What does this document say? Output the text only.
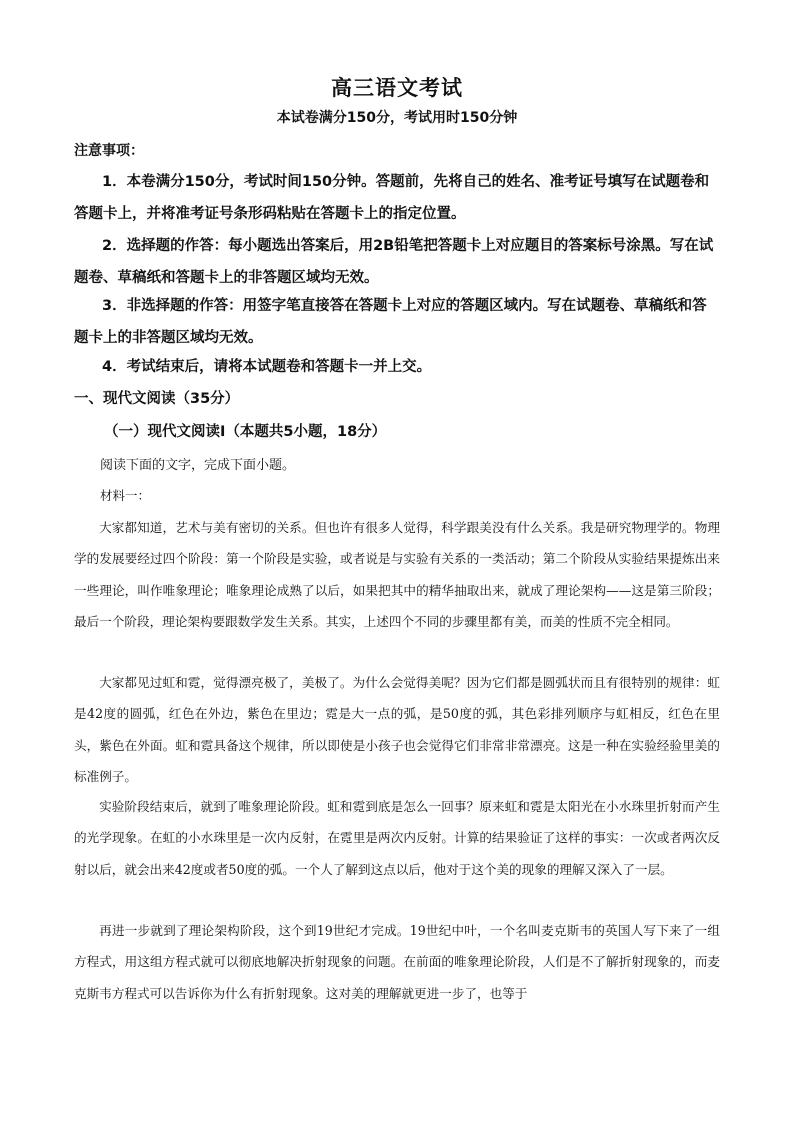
高三语文考试
本试卷满分150分，考试用时150分钟
注意事项：
1．本卷满分150分，考试时间150分钟。答题前，先将自己的姓名、准考证号填写在试题卷和答题卡上，并将准考证号条形码粘贴在答题卡上的指定位置。
2．选择题的作答：每小题选出答案后，用2B铅笔把答题卡上对应题目的答案标号涂黑。写在试题卷、草稿纸和答题卡上的非答题区域均无效。
3．非选择题的作答：用签字笔直接答在答题卡上对应的答题区域内。写在试题卷、草稿纸和答题卡上的非答题区域均无效。
4．考试结束后，请将本试题卷和答题卡一并上交。
一、现代文阅读（35分）
（一）现代文阅读Ⅰ（本题共5小题，18分）
阅读下面的文字，完成下面小题。
材料一：
大家都知道，艺术与美有密切的关系。但也许有很多人觉得，科学跟美没有什么关系。我是研究物理学的。物理学的发展要经过四个阶段：第一个阶段是实验，或者说是与实验有关系的一类活动；第二个阶段从实验结果提炼出来一些理论，叫作唯象理论；唯象理论成熟了以后，如果把其中的精华抽取出来，就成了理论架构——这是第三阶段；最后一个阶段，理论架构要跟数学发生关系。其实，上述四个不同的步骤里都有美，而美的性质不完全相同。
大家都见过虹和霓，觉得漂亮极了，美极了。为什么会觉得美呢？因为它们都是圆弧状而且有很特别的规律：虹是42度的圆弧，红色在外边，紫色在里边；霓是大一点的弧，是50度的弧，其色彩排列顺序与虹相反，红色在里头，紫色在外面。虹和霓具备这个规律，所以即使是小孩子也会觉得它们非常非常漂亮。这是一种在实验经验里美的标准例子。
实验阶段结束后，就到了唯象理论阶段。虹和霓到底是怎么一回事？原来虹和霓是太阳光在小水珠里折射而产生的光学现象。在虹的小水珠里是一次内反射，在霓里是两次内反射。计算的结果验证了这样的事实：一次或者两次反射以后，就会出来42度或者50度的弧。一个人了解到这点以后，他对于这个美的现象的理解又深入了一层。
再进一步就到了理论架构阶段，这个到19世纪才完成。19世纪中叶，一个名叫麦克斯韦的英国人写下来了一组方程式，用这组方程式就可以彻底地解决折射现象的问题。在前面的唯象理论阶段，人们是不了解折射现象的，而麦克斯韦方程式可以告诉你为什么有折射现象。这对美的理解就更进一步了，也等于
